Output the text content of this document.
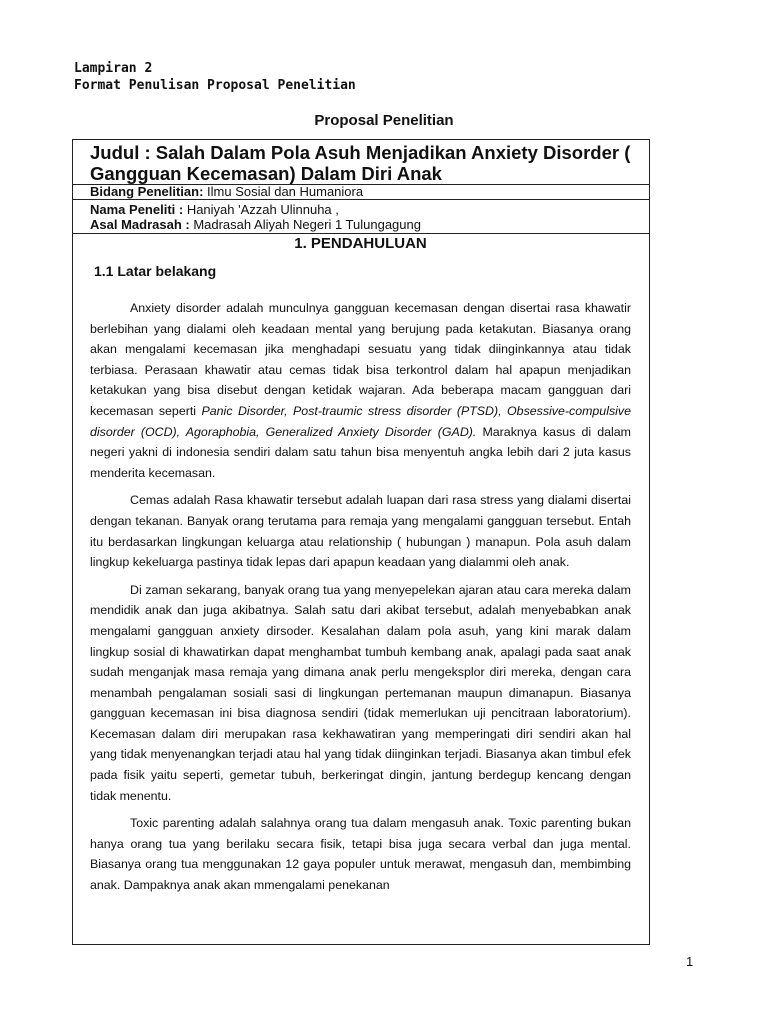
Lampiran 2
Format Penulisan Proposal Penelitian
Proposal Penelitian
Judul : Salah Dalam Pola Asuh Menjadikan Anxiety Disorder ( Gangguan Kecemasan) Dalam Diri Anak
Bidang Penelitian: Ilmu Sosial dan Humaniora
Nama Peneliti : Haniyah 'Azzah Ulinnuha ,
Asal Madrasah : Madrasah Aliyah Negeri 1 Tulungagung
1. PENDAHULUAN
1.1 Latar belakang

Anxiety disorder adalah munculnya gangguan kecemasan dengan disertai rasa khawatir berlebihan yang dialami oleh keadaan mental yang berujung pada ketakutan. Biasanya orang akan mengalami kecemasan jika menghadapi sesuatu yang tidak diinginkannya atau tidak terbiasa. Perasaan khawatir atau cemas tidak bisa terkontrol dalam hal apapun menjadikan ketakukan yang bisa disebut dengan ketidak wajaran. Ada beberapa macam gangguan dari kecemasan seperti Panic Disorder, Post-traumic stress disorder (PTSD), Obsessive-compulsive disorder (OCD), Agoraphobia, Generalized Anxiety Disorder (GAD). Maraknya kasus di dalam negeri yakni di indonesia sendiri dalam satu tahun bisa menyentuh angka lebih dari 2 juta kasus menderita kecemasan.

Cemas adalah Rasa khawatir tersebut adalah luapan dari rasa stress yang dialami disertai dengan tekanan. Banyak orang terutama para remaja yang mengalami gangguan tersebut. Entah itu berdasarkan lingkungan keluarga atau relationship ( hubungan ) manapun. Pola asuh dalam lingkup kekeluarga pastinya tidak lepas dari apapun keadaan yang dialammi oleh anak.

Di zaman sekarang, banyak orang tua yang menyepelekan ajaran atau cara mereka dalam mendidik anak dan juga akibatnya. Salah satu dari akibat tersebut, adalah menyebabkan anak mengalami gangguan anxiety dirsoder. Kesalahan dalam pola asuh, yang kini marak dalam lingkup sosial di khawatirkan dapat menghambat tumbuh kembang anak, apalagi pada saat anak sudah menganjak masa remaja yang dimana anak perlu mengeksplor diri mereka, dengan cara menambah pengalaman sosiali sasi di lingkungan pertemanan maupun dimanapun. Biasanya gangguan kecemasan ini bisa diagnosa sendiri (tidak memerlukan uji pencitraan laboratorium). Kecemasan dalam diri merupakan rasa kekhawatiran yang memperingati diri sendiri akan hal yang tidak menyenangkan terjadi atau hal yang tidak diinginkan terjadi. Biasanya akan timbul efek pada fisik yaitu seperti, gemetar tubuh, berkeringat dingin, jantung berdegup kencang dengan tidak menentu.

Toxic parenting adalah salahnya orang tua dalam mengasuh anak. Toxic parenting bukan hanya orang tua yang berilaku secara fisik, tetapi bisa juga secara verbal dan juga mental. Biasanya orang tua menggunakan 12 gaya populer untuk merawat, mengasuh dan, membimbing anak. Dampaknya anak akan mmengalami penekanan

1
